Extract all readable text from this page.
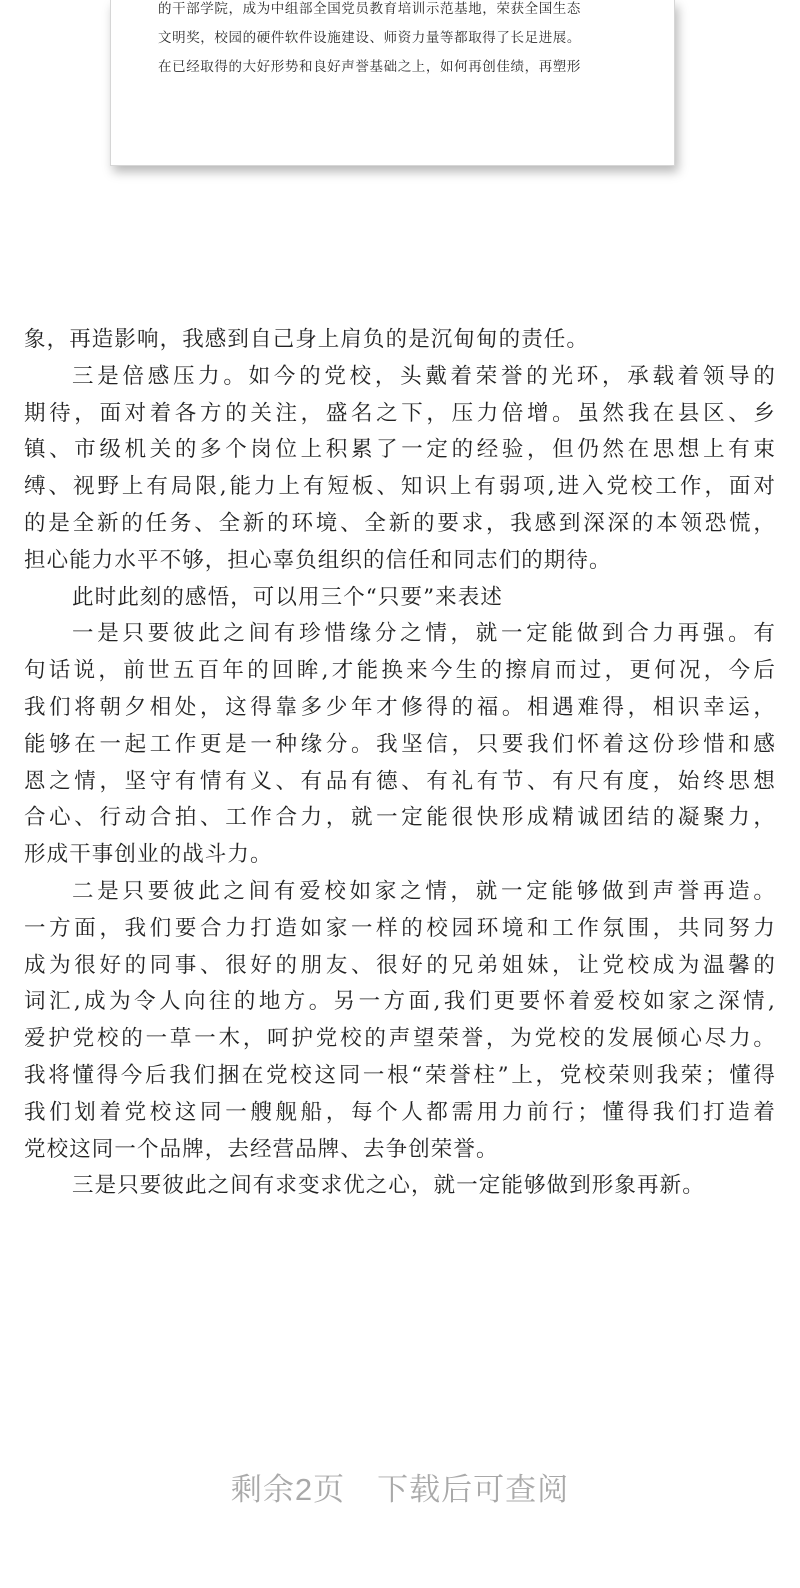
的干部学院，成为中组部全国党员教育培训示范基地，荣获全国生态
文明奖，校园的硬件软件设施建设、师资力量等都取得了长足进展。
在已经取得的大好形势和良好声誉基础之上，如何再创佳绩，再塑形
象，再造影响，我感到自己身上肩负的是沉甸甸的责任。
三是倍感压力。如今的党校，头戴着荣誉的光环，承载着领导的
期待，面对着各方的关注，盛名之下，压力倍增。虽然我在县区、乡
镇、市级机关的多个岗位上积累了一定的经验，但仍然在思想上有束
缚、视野上有局限,能力上有短板、知识上有弱项,进入党校工作，面对
的是全新的任务、全新的环境、全新的要求，我感到深深的本领恐慌，
担心能力水平不够，担心辜负组织的信任和同志们的期待。
此时此刻的感悟，可以用三个“只要”来表述
一是只要彼此之间有珍惜缘分之情，就一定能做到合力再强。有
句话说，前世五百年的回眸,才能换来今生的擦肩而过，更何况，今后
我们将朝夕相处，这得靠多少年才修得的福。相遇难得，相识幸运，
能够在一起工作更是一种缘分。我坚信，只要我们怀着这份珍惜和感
恩之情，坚守有情有义、有品有德、有礼有节、有尺有度，始终思想
合心、行动合拍、工作合力，就一定能很快形成精诚团结的凝聚力，
形成干事创业的战斗力。
二是只要彼此之间有爱校如家之情，就一定能够做到声誉再造。
一方面，我们要合力打造如家一样的校园环境和工作氛围，共同努力
成为很好的同事、很好的朋友、很好的兄弟姐妹，让党校成为温馨的
词汇,成为令人向往的地方。另一方面,我们更要怀着爱校如家之深情,
爱护党校的一草一木，呵护党校的声望荣誉，为党校的发展倾心尽力。
我将懂得今后我们捆在党校这同一根“荣誉柱”上，党校荣则我荣；懂得
我们划着党校这同一艘舰船，每个人都需用力前行；懂得我们打造着
党校这同一个品牌，去经营品牌、去争创荣誉。
三是只要彼此之间有求变求优之心，就一定能够做到形象再新。
剩余2页　下载后可查阅
